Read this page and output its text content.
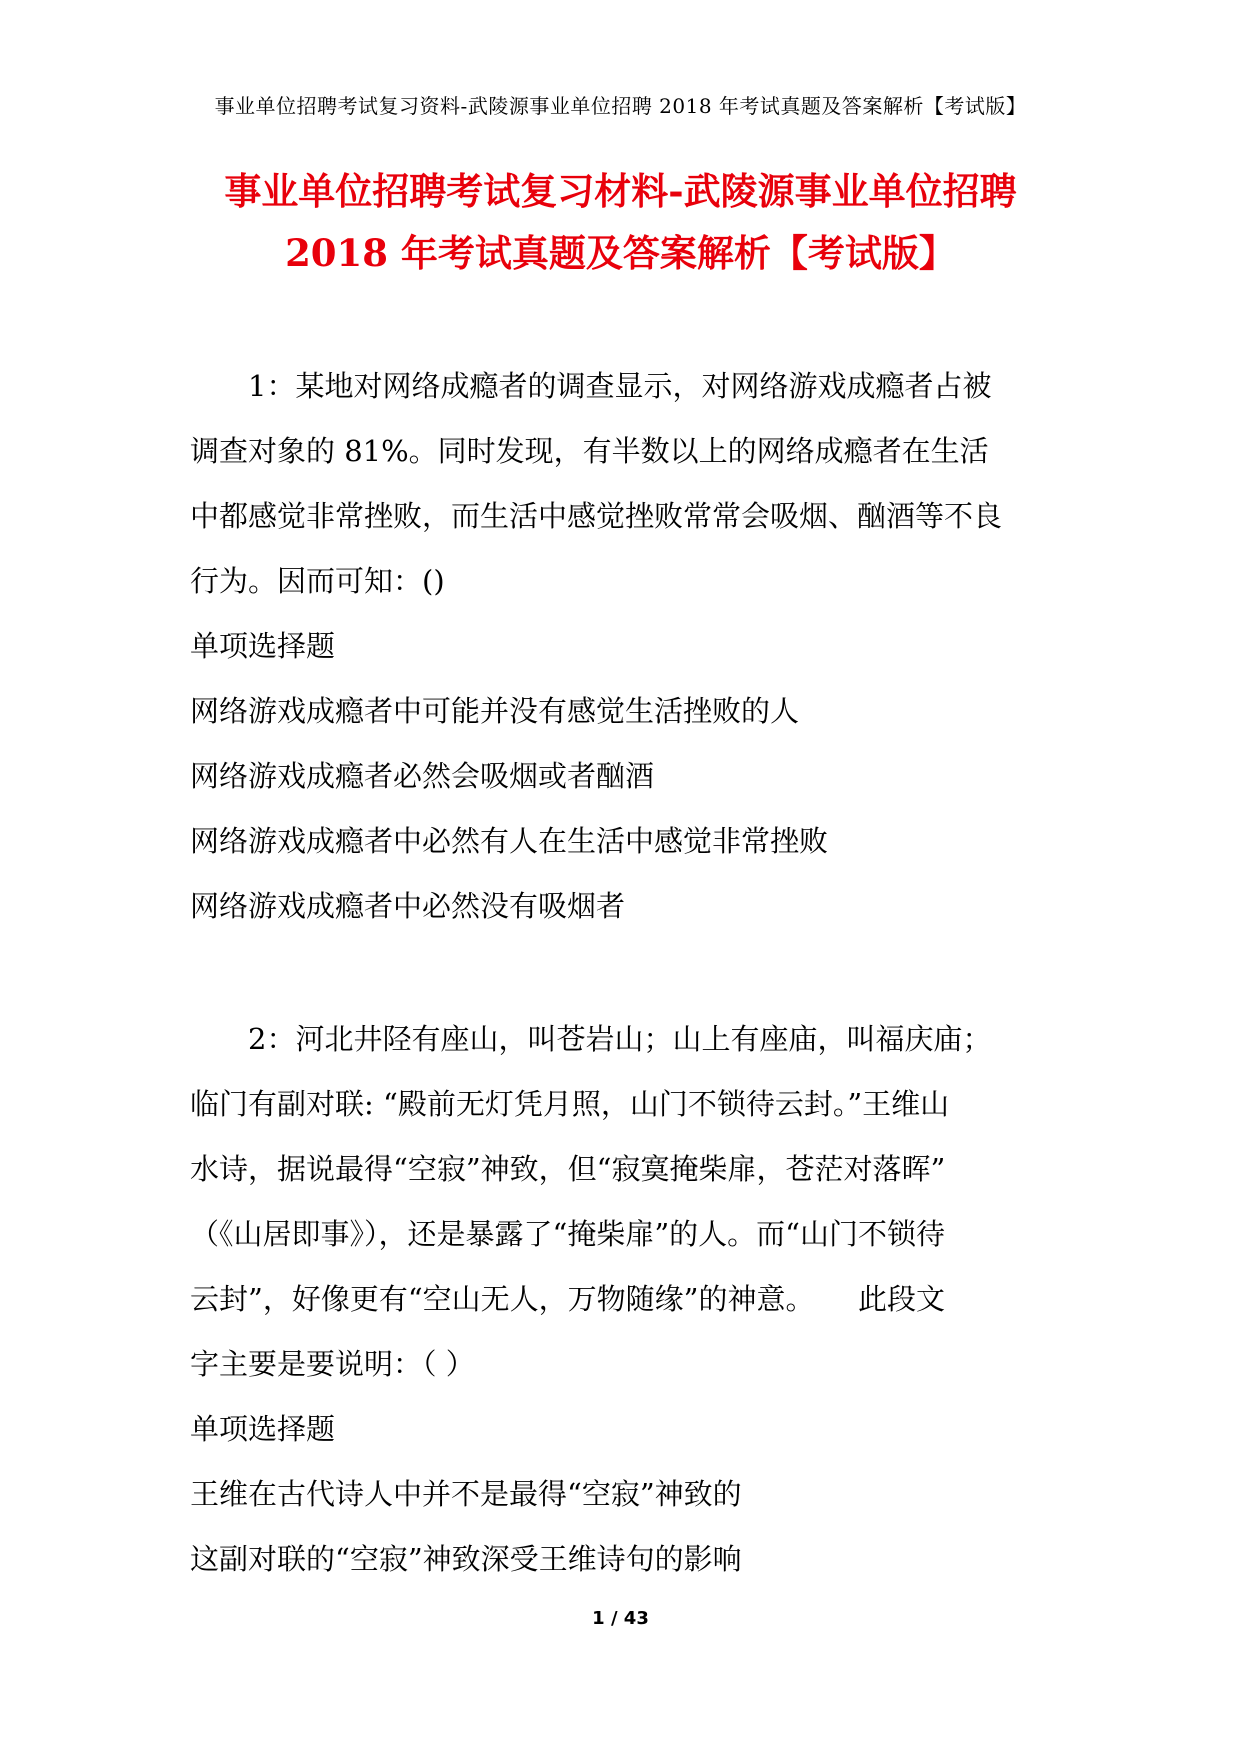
事业单位招聘考试复习资料-武陵源事业单位招聘 2018 年考试真题及答案解析【考试版】
事业单位招聘考试复习材料-武陵源事业单位招聘
2018 年考试真题及答案解析【考试版】
1：某地对网络成瘾者的调查显示，对网络游戏成瘾者占被
调查对象的 81%。同时发现，有半数以上的网络成瘾者在生活
中都感觉非常挫败，而生活中感觉挫败常常会吸烟、酗酒等不良
行为。因而可知：()
单项选择题
网络游戏成瘾者中可能并没有感觉生活挫败的人
网络游戏成瘾者必然会吸烟或者酗酒
网络游戏成瘾者中必然有人在生活中感觉非常挫败
网络游戏成瘾者中必然没有吸烟者
2：河北井陉有座山，叫苍岩山；山上有座庙，叫福庆庙；
临门有副对联: “殿前无灯凭月照，山门不锁待云封。”王维山
水诗，据说最得“空寂”神致，但“寂寞掩柴扉，苍茫对落晖”
（《山居即事》），还是暴露了“掩柴扉”的人。而“山门不锁待
云封”，好像更有“空山无人，万物随缘”的神意。　　此段文
字主要是要说明：（ ）
单项选择题
王维在古代诗人中并不是最得“空寂”神致的
这副对联的“空寂”神致深受王维诗句的影响
1 / 43
